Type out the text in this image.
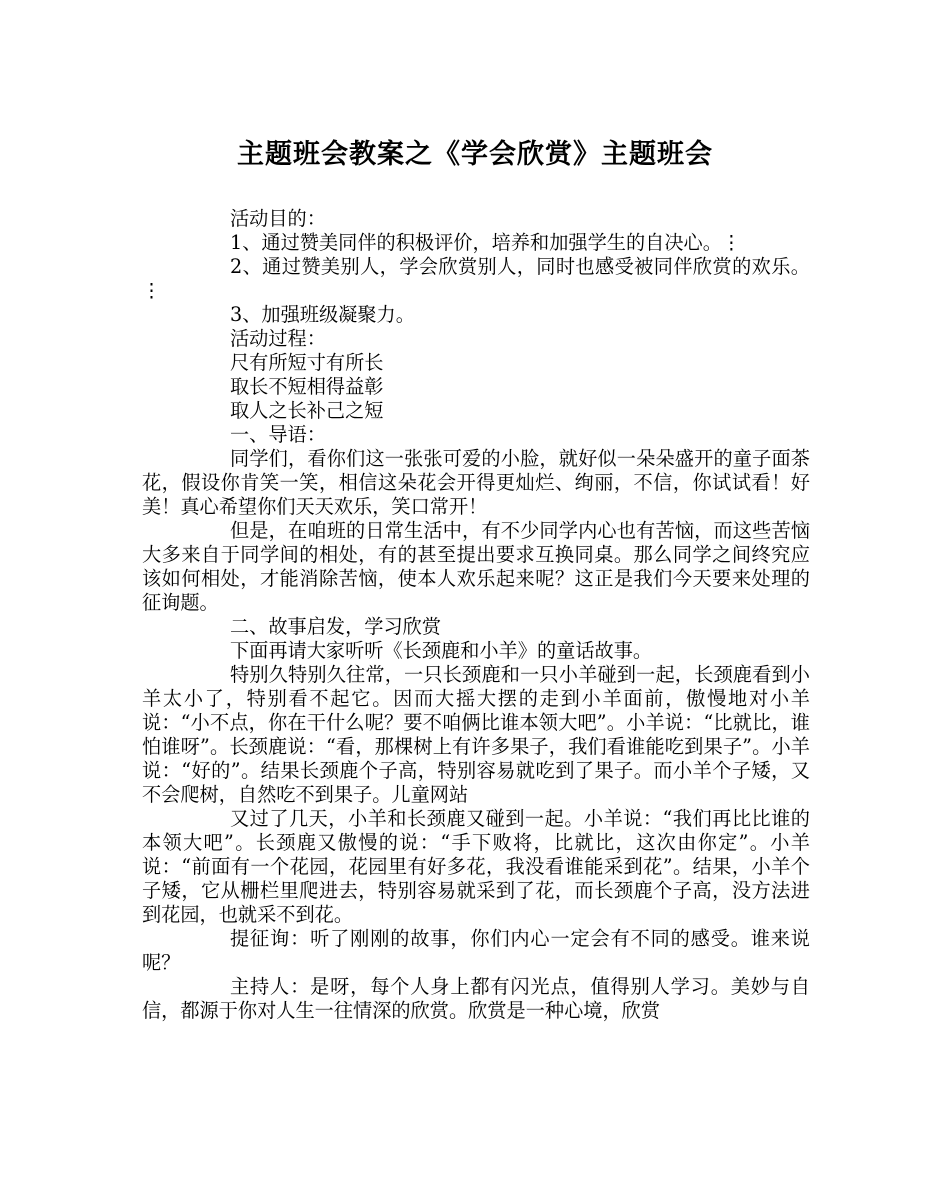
主题班会教案之《学会欣赏》主题班会

活动目的：

1、通过赞美同伴的积极评价，培养和加强学生的自决心。⋮

2、通过赞美别人，学会欣赏别人，同时也感受被同伴欣赏的欢乐。⋮

3、加强班级凝聚力。

活动过程：

尺有所短寸有所长

取长不短相得益彰

取人之长补己之短

一、导语：

同学们，看你们这一张张可爱的小脸，就好似一朵朵盛开的童子面茶花，假设你肯笑一笑，相信这朵花会开得更灿烂、绚丽，不信，你试试看！好美！真心希望你们天天欢乐，笑口常开！

但是，在咱班的日常生活中，有不少同学内心也有苦恼，而这些苦恼大多来自于同学间的相处，有的甚至提出要求互换同桌。那么同学之间终究应该如何相处，才能消除苦恼，使本人欢乐起来呢？这正是我们今天要来处理的征询题。

二、故事启发，学习欣赏

下面再请大家听听《长颈鹿和小羊》的童话故事。

特别久特别久往常，一只长颈鹿和一只小羊碰到一起，长颈鹿看到小羊太小了，特别看不起它。因而大摇大摆的走到小羊面前，傲慢地对小羊说：“小不点，你在干什么呢？要不咱俩比谁本领大吧”。小羊说：“比就比，谁怕谁呀”。长颈鹿说：“看，那棵树上有许多果子，我们看谁能吃到果子”。小羊说：“好的”。结果长颈鹿个子高，特别容易就吃到了果子。而小羊个子矮，又不会爬树，自然吃不到果子。儿童网站

又过了几天，小羊和长颈鹿又碰到一起。小羊说：“我们再比比谁的本领大吧”。长颈鹿又傲慢的说：“手下败将，比就比，这次由你定”。小羊说：“前面有一个花园，花园里有好多花，我没看谁能采到花”。结果，小羊个子矮，它从栅栏里爬进去，特别容易就采到了花，而长颈鹿个子高，没方法进到花园，也就采不到花。

提征询：听了刚刚的故事，你们内心一定会有不同的感受。谁来说呢？

主持人：是呀，每个人身上都有闪光点，值得别人学习。美妙与自信，都源于你对人生一往情深的欣赏。欣赏是一种心境，欣赏
